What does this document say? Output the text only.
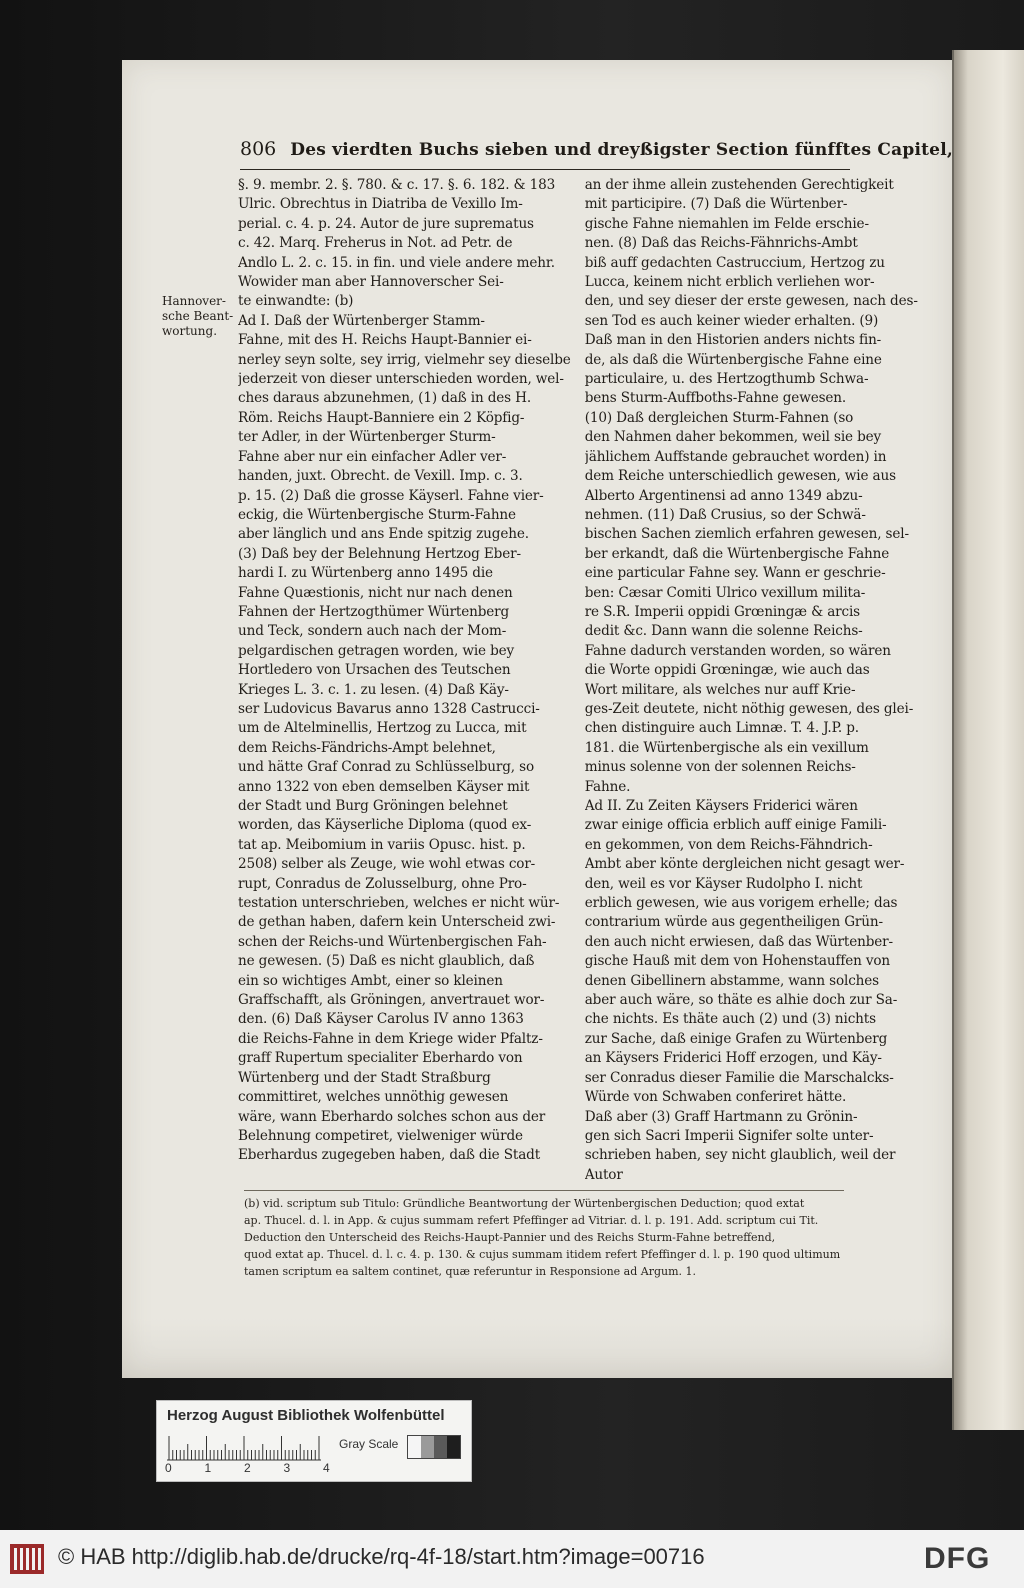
806 Des vierdten Buchs sieben und dreyßigster Section fünfftes Capitel,
Hannover-
sche Beant-
wortung.
§. 9. membr. 2. §. 780. & c. 17. §. 6. 182. & 183
Ulric. Obrechtus in Diatriba de Vexillo Im-
perial. c. 4. p. 24. Autor de jure suprematus
c. 42. Marq. Freherus in Not. ad Petr. de
Andlo L. 2. c. 15. in fin. und viele andere mehr.
Wowider man aber Hannoverscher Sei-
te einwandte: (b)
Ad I. Daß der Würtenberger Stamm-
Fahne, mit des H. Reichs Haupt-Bannier ei-
nerley seyn solte, sey irrig, vielmehr sey dieselbe
jederzeit von dieser unterschieden worden, wel-
ches daraus abzunehmen, (1) daß in des H.
Röm. Reichs Haupt-Banniere ein 2 Köpfig-
ter Adler, in der Würtenberger Sturm-
Fahne aber nur ein einfacher Adler ver-
handen, juxt. Obrecht. de Vexill. Imp. c. 3.
p. 15. (2) Daß die grosse Käyserl. Fahne vier-
eckig, die Würtenbergische Sturm-Fahne
aber länglich und ans Ende spitzig zugehe.
(3) Daß bey der Belehnung Hertzog Eber-
hardi I. zu Würtenberg anno 1495 die
Fahne Quæstionis, nicht nur nach denen
Fahnen der Hertzogthümer Würtenberg
und Teck, sondern auch nach der Mom-
pelgardischen getragen worden, wie bey
Hortledero von Ursachen des Teutschen
Krieges L. 3. c. 1. zu lesen. (4) Daß Käy-
ser Ludovicus Bavarus anno 1328 Castrucci-
um de Altelminellis, Hertzog zu Lucca, mit
dem Reichs-Fändrichs-Ampt belehnet,
und hätte Graf Conrad zu Schlüsselburg, so
anno 1322 von eben demselben Käyser mit
der Stadt und Burg Gröningen belehnet
worden, das Käyserliche Diploma (quod ex-
tat ap. Meibomium in variis Opusc. hist. p.
2508) selber als Zeuge, wie wohl etwas cor-
rupt, Conradus de Zolusselburg, ohne Pro-
testation unterschrieben, welches er nicht wür-
de gethan haben, dafern kein Unterscheid zwi-
schen der Reichs-und Würtenbergischen Fah-
ne gewesen. (5) Daß es nicht glaublich, daß
ein so wichtiges Ambt, einer so kleinen
Graffschafft, als Gröningen, anvertrauet wor-
den. (6) Daß Käyser Carolus IV anno 1363
die Reichs-Fahne in dem Kriege wider Pfaltz-
graff Rupertum specialiter Eberhardo von
Würtenberg und der Stadt Straßburg
committiret, welches unnöthig gewesen
wäre, wann Eberhardo solches schon aus der
Belehnung competiret, vielweniger würde
Eberhardus zugegeben haben, daß die Stadt
an der ihme allein zustehenden Gerechtigkeit
mit participire. (7) Daß die Würtenber-
gische Fahne niemahlen im Felde erschie-
nen. (8) Daß das Reichs-Fähnrichs-Ambt
biß auff gedachten Castruccium, Hertzog zu
Lucca, keinem nicht erblich verliehen wor-
den, und sey dieser der erste gewesen, nach des-
sen Tod es auch keiner wieder erhalten. (9)
Daß man in den Historien anders nichts fin-
de, als daß die Würtenbergische Fahne eine
particulaire, u. des Hertzogthumb Schwa-
bens Sturm-Auffboths-Fahne gewesen.
(10) Daß dergleichen Sturm-Fahnen (so
den Nahmen daher bekommen, weil sie bey
jählichem Auffstande gebrauchet worden) in
dem Reiche unterschiedlich gewesen, wie aus
Alberto Argentinensi ad anno 1349 abzu-
nehmen. (11) Daß Crusius, so der Schwä-
bischen Sachen ziemlich erfahren gewesen, sel-
ber erkandt, daß die Würtenbergische Fahne
eine particular Fahne sey. Wann er geschrie-
ben: Cæsar Comiti Ulrico vexillum milita-
re S.R. Imperii oppidi Grœningæ & arcis
dedit &c. Dann wann die solenne Reichs-
Fahne dadurch verstanden worden, so wären
die Worte oppidi Grœningæ, wie auch das
Wort militare, als welches nur auff Krie-
ges-Zeit deutete, nicht nöthig gewesen, des glei-
chen distinguire auch Limnæ. T. 4. J.P. p.
181. die Würtenbergische als ein vexillum
minus solenne von der solennen Reichs-
Fahne.
Ad II. Zu Zeiten Käysers Friderici wären
zwar einige officia erblich auff einige Famili-
en gekommen, von dem Reichs-Fähndrich-
Ambt aber könte dergleichen nicht gesagt wer-
den, weil es vor Käyser Rudolpho I. nicht
erblich gewesen, wie aus vorigem erhelle; das
contrarium würde aus gegentheiligen Grün-
den auch nicht erwiesen, daß das Würtenber-
gische Hauß mit dem von Hohenstauffen von
denen Gibellinern abstamme, wann solches
aber auch wäre, so thäte es alhie doch zur Sa-
che nichts. Es thäte auch (2) und (3) nichts
zur Sache, daß einige Grafen zu Würtenberg
an Käysers Friderici Hoff erzogen, und Käy-
ser Conradus dieser Familie die Marschalcks-
Würde von Schwaben conferiret hätte.
Daß aber (3) Graff Hartmann zu Grönin-
gen sich Sacri Imperii Signifer solte unter-
schrieben haben, sey nicht glaublich, weil der
Autor
(b) vid. scriptum sub Titulo: Gründliche Beantwortung der Würtenbergischen Deduction; quod extat
ap. Thucel. d. l. in App. & cujus summam refert Pfeffinger ad Vitriar. d. l. p. 191. Add. scriptum cui Tit.
Deduction den Unterscheid des Reichs-Haupt-Pannier und des Reichs Sturm-Fahne betreffend,
quod extat ap. Thucel. d. l. c. 4. p. 130. & cujus summam itidem refert Pfeffinger d. l. p. 190 quod ultimum
tamen scriptum ea saltem continet, quæ referuntur in Responsione ad Argum. 1.
Herzog August Bibliothek Wolfenbüttel
0	1	2	3	4
Gray Scale
© HAB http://diglib.hab.de/drucke/rq-4f-18/start.htm?image=00716	DFG
